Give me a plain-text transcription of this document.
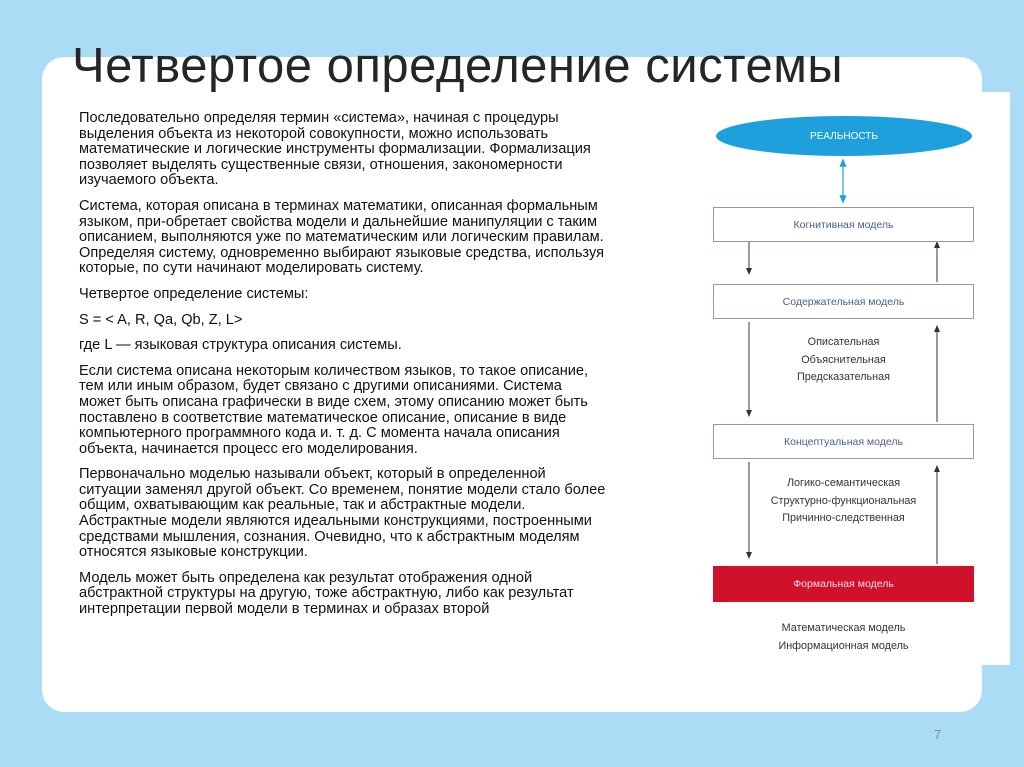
Четвертое определение системы
Последовательно определяя термин «система», начиная с процедуры
выделения объекта из некоторой совокупности, можно использовать
математические и логические инструменты формализации. Формализация
позволяет выделять существенные связи, отношения, закономерности
изучаемого объекта.
Система, которая описана в терминах математики, описанная формальным
языком, при-обретает свойства модели и дальнейшие манипуляции с таким
описанием, выполняются уже по математическим или логическим правилам.
Определяя систему, одновременно выбирают языковые средства, используя
которые, по сути начинают моделировать систему.
Четвертое определение системы:
S = < A, R, Qa, Qb, Z, L>
где L — языковая структура описания системы.
Если система описана некоторым количеством языков, то такое описание,
тем или иным образом, будет связано с другими описаниями. Система
может быть описана графически в виде схем, этому описанию может быть
поставлено в соответствие математическое описание, описание в виде
компьютерного программного кода и. т. д. С момента начала описания
объекта, начинается процесс его моделирования.
Первоначально моделью называли объект, который в определенной
ситуации заменял другой объект. Со временем, понятие модели стало более
общим, охватывающим как реальные, так и абстрактные модели.
Абстрактные модели являются идеальными конструкциями, построенными
средствами мышления, сознания. Очевидно, что к абстрактным моделям
относятся языковые конструкции.
Модель может быть определена как результат отображения одной
абстрактной структуры на другую, тоже абстрактную, либо как результат
интерпретации первой модели в терминах и образах второй
РЕАЛЬНОСТЬ
Когнитивная модель
Содержательная модель
Описательная
Объяснительная
Предсказательная
Концептуальная модель
Логико-семантическая
Структурно-функциональная
Причинно-следственная
Формальная модель
Математическая модель
Информационная модель
7
